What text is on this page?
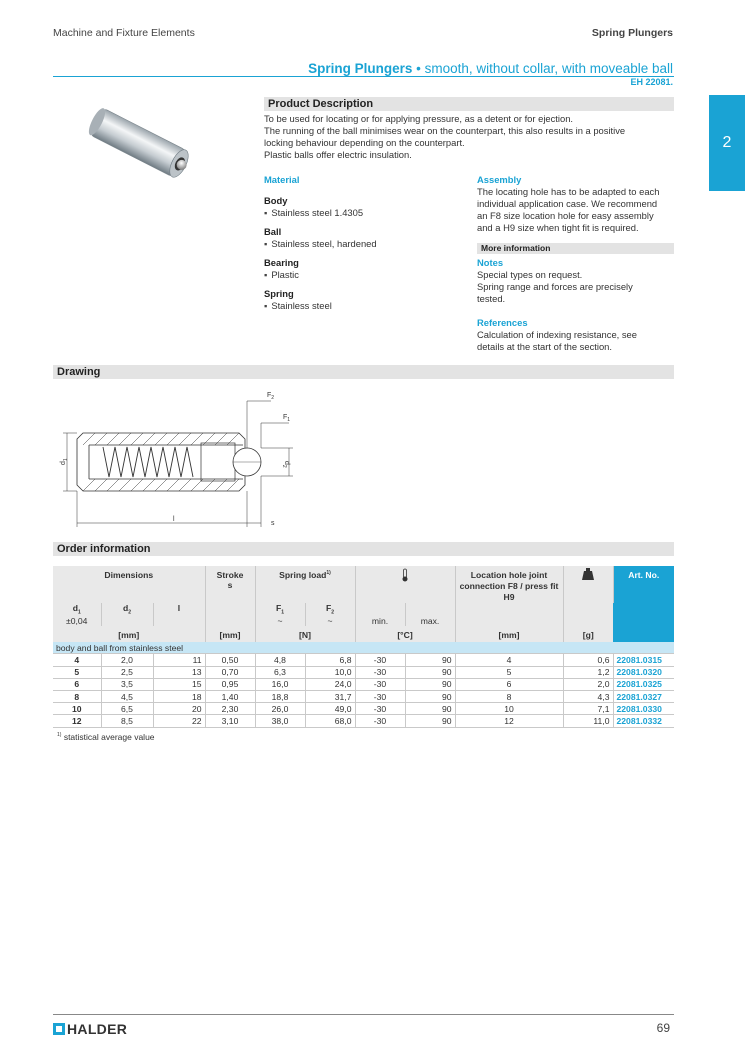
Machine and Fixture Elements	Spring Plungers
Spring Plungers • smooth, without collar, with moveable ball
EH 22081.
2
Product Description
To be used for locating or for applying pressure, as a detent or for ejection.
The running of the ball minimises wear on the counterpart, this also results in a positive
locking behaviour depending on the counterpart.
Plastic balls offer electric insulation.
Material
Body
▪ Stainless steel 1.4305
Ball
▪ Stainless steel, hardened
Bearing
▪ Plastic
Spring
▪ Stainless steel
Assembly
The locating hole has to be adapted to each
individual application case. We recommend
an F8 size location hole for easy assembly
and a H9 size when tight fit is required.
More information
Notes
Special types on request.
Spring range and forces are precisely
tested.
References
Calculation of indexing resistance, see
details at the start of the section.
Drawing
$F_2$
$F_1$
$d_1$
$d_2$
l
s
Order information
Dimensions			Stroke
s	Spring load$^{1)}$				Location hole joint connection F8 / press fit H9		Art. No.
$d_1$
±0,04	$d_2$	l		$F_1$
~	$F_2$
~	min.	max.			
[mm]			[mm]	[N]		[°C]		[mm]	[g]	
body and ball from stainless steel										
4	2,0	11	0,50	4,8	6,8	-30	90	4	0,6	22081.0315
5	2,5	13	0,70	6,3	10,0	-30	90	5	1,2	22081.0320
6	3,5	15	0,95	16,0	24,0	-30	90	6	2,0	22081.0325
8	4,5	18	1,40	18,8	31,7	-30	90	8	4,3	22081.0327
10	6,5	20	2,30	26,0	49,0	-30	90	10	7,1	22081.0330
12	8,5	22	3,10	38,0	68,0	-30	90	12	11,0	22081.0332
$^{1)}$ statistical average value
HALDER	69
